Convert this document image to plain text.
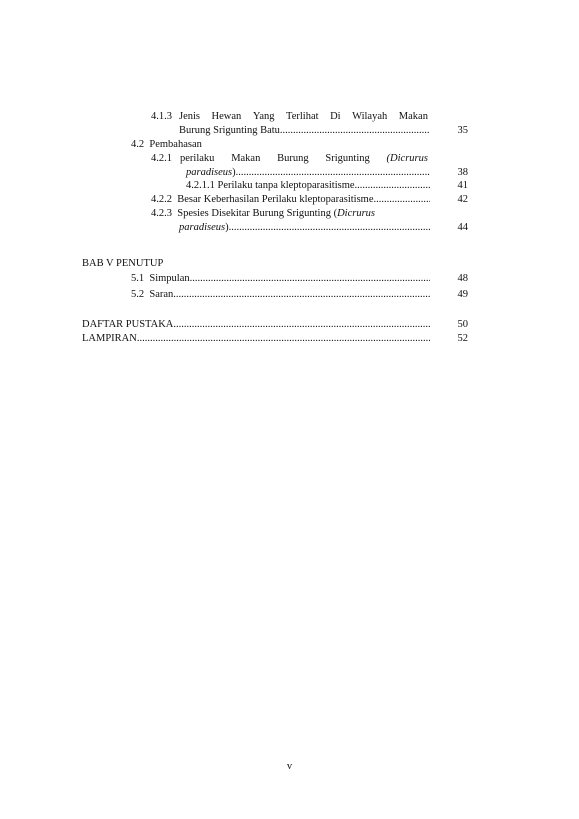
4.1.3 Jenis Hewan Yang Terlihat Di Wilayah Makan
Burung Srigunting Batu .....	35
4.2 Pembahasan
4.2.1 perilaku Makan Burung Srigunting (Dicrurus
paradiseus) .....	38
4.2.1.1 Perilaku tanpa kleptoparasitisme .....	41
4.2.2 Besar Keberhasilan Perilaku kleptoparasitisme .....	42
4.2.3 Spesies Disekitar Burung Srigunting (Dicrurus
paradiseus) .....	44
BAB V PENUTUP
5.1 Simpulan .....	48
5.2 Saran .....	49
DAFTAR PUSTAKA .....	50
LAMPIRAN .....	52
v
